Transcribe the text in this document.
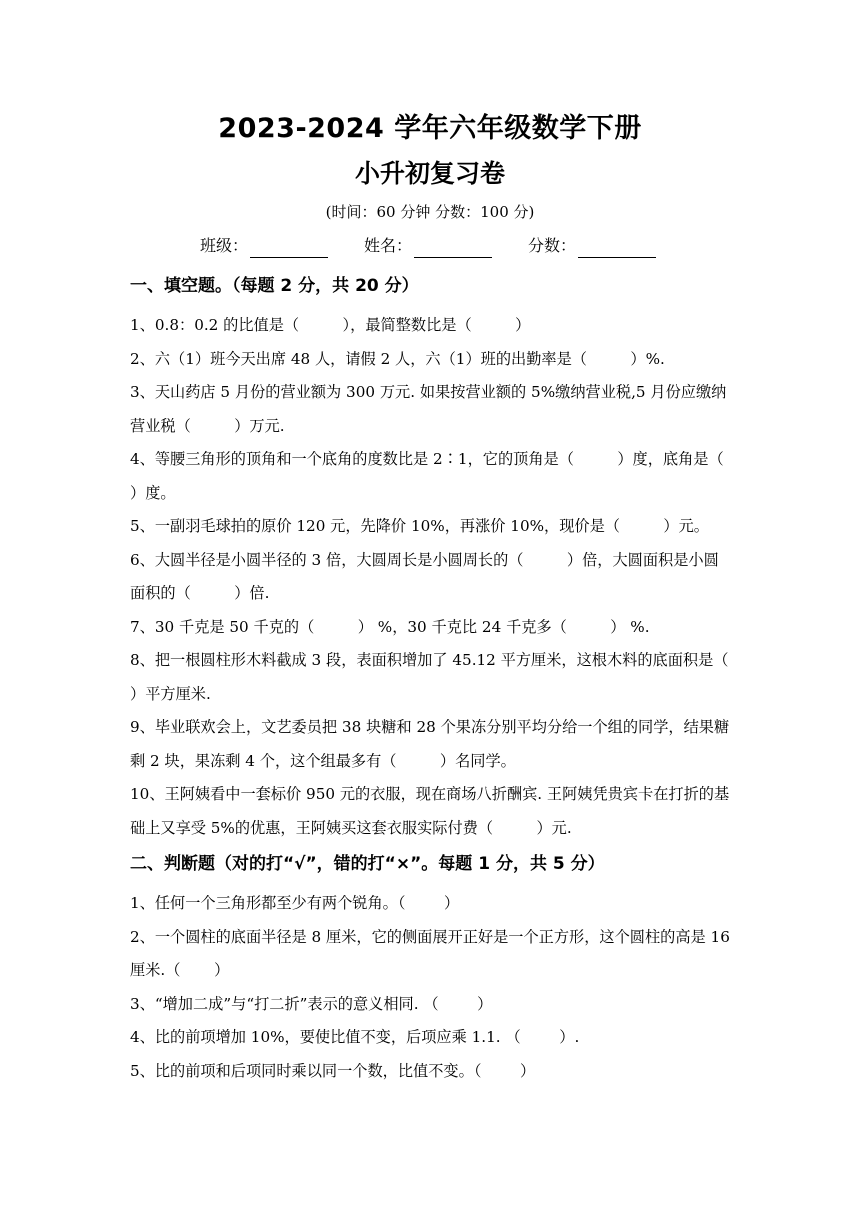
2023-2024 学年六年级数学下册
小升初复习卷
(时间：60 分钟 分数：100 分)
班级：	姓名：	分数：
一、填空题。（每题 2 分，共 20 分）
1、0.8：0.2 的比值是（         ），最简整数比是（         ）
2、六（1）班今天出席 48 人，请假 2 人，六（1）班的出勤率是（         ）%.
3、天山药店 5 月份的营业额为 300 万元. 如果按营业额的 5%缴纳营业税,5 月份应缴纳营业税（         ）万元.
4、等腰三角形的顶角和一个底角的度数比是 2∶1，它的顶角是（         ）度，底角是（         ）度。
5、一副羽毛球拍的原价 120 元，先降价 10%，再涨价 10%，现价是（         ）元。
6、大圆半径是小圆半径的 3 倍，大圆周长是小圆周长的（         ）倍，大圆面积是小圆面积的（         ）倍.
7、30 千克是 50 千克的（         ） %，30 千克比 24 千克多（         ） %.
8、把一根圆柱形木料截成 3 段，表面积增加了 45.12 平方厘米，这根木料的底面积是（         ）平方厘米.
9、毕业联欢会上，文艺委员把 38 块糖和 28 个果冻分别平均分给一个组的同学，结果糖剩 2 块，果冻剩 4 个，这个组最多有（         ）名同学。
10、王阿姨看中一套标价 950 元的衣服，现在商场八折酬宾. 王阿姨凭贵宾卡在打折的基础上又享受 5%的优惠，王阿姨买这套衣服实际付费（         ）元.
二、判断题（对的打“√”，错的打“×”。每题 1 分，共 5 分）
1、任何一个三角形都至少有两个锐角。（        ）
2、一个圆柱的底面半径是 8 厘米，它的侧面展开正好是一个正方形，这个圆柱的高是 16 厘米.（       ）
3、“增加二成”与“打二折”表示的意义相同. （        ）
4、比的前项增加 10%，要使比值不变，后项应乘 1.1. （        ）.
5、比的前项和后项同时乘以同一个数，比值不变。（        ）
